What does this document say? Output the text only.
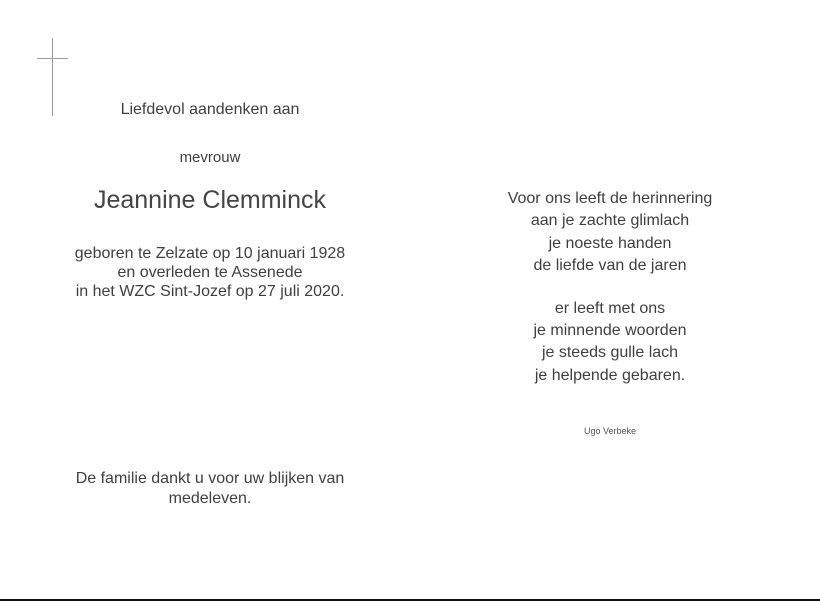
Liefdevol aandenken aan
mevrouw
Jeannine Clemminck
geboren te Zelzate op 10 januari 1928
en overleden te Assenede
in het WZC Sint-Jozef op 27 juli 2020.
De familie dankt u voor uw blijken van
medeleven.
Voor ons leeft de herinnering
aan je zachte glimlach
je noeste handen
de liefde van de jaren
er leeft met ons
je minnende woorden
je steeds gulle lach
je helpende gebaren.
Ugo Verbeke
